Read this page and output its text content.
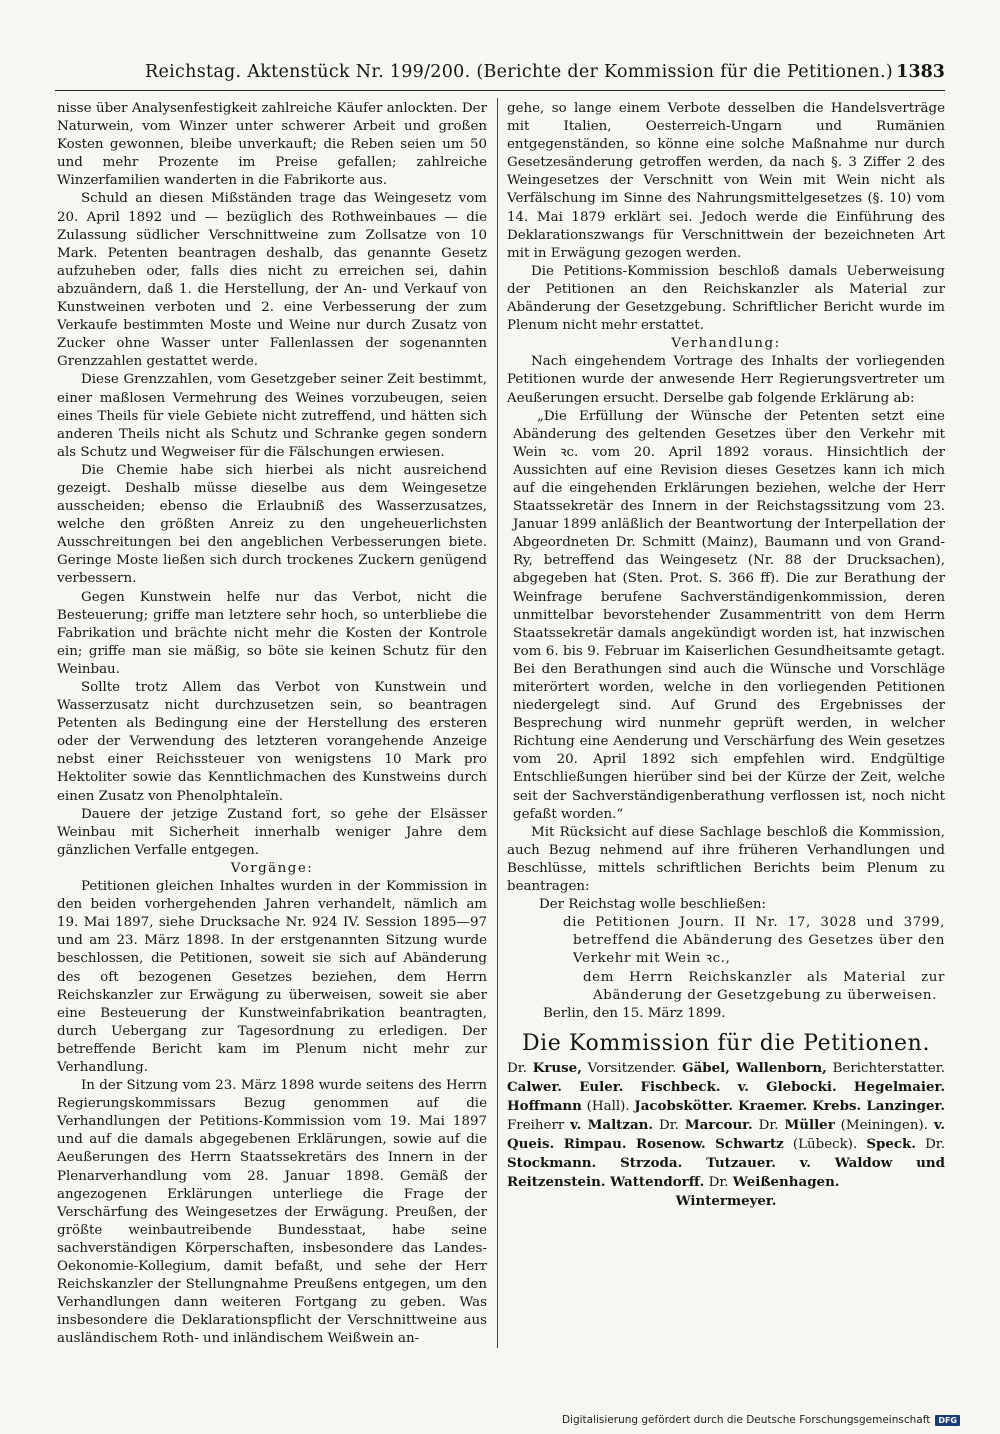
Reichstag. Aktenstück Nr. 199/200. (Berichte der Kommission für die Petitionen.) 1383

nisse über Analysenfestigkeit zahlreiche Käufer anlockten. Der Naturwein, vom Winzer unter schwerer Arbeit und großen Kosten gewonnen, bleibe unverkauft; die Reben seien um 50 und mehr Prozente im Preise gefallen; zahlreiche Winzerfamilien wanderten in die Fabrikorte aus.

Schuld an diesen Mißständen trage das Weingesetz vom 20. April 1892 und — bezüglich des Rothweinbaues — die Zulassung südlicher Verschnittweine zum Zollsatze von 10 Mark. Petenten beantragen deshalb, das genannte Gesetz aufzuheben oder, falls dies nicht zu erreichen sei, dahin abzuändern, daß 1. die Herstellung, der An- und Verkauf von Kunstweinen verboten und 2. eine Verbesserung der zum Verkaufe bestimmten Moste und Weine nur durch Zusatz von Zucker ohne Wasser unter Fallenlassen der sogenannten Grenzzahlen gestattet werde.

Diese Grenzzahlen, vom Gesetzgeber seiner Zeit bestimmt, einer maßlosen Vermehrung des Weines vorzubeugen, seien eines Theils für viele Gebiete nicht zutreffend, und hätten sich anderen Theils nicht als Schutz und Schranke gegen sondern als Schutz und Wegweiser für die Fälschungen erwiesen.

Die Chemie habe sich hierbei als nicht ausreichend gezeigt. Deshalb müsse dieselbe aus dem Weingesetze ausscheiden; ebenso die Erlaubniß des Wasserzusatzes, welche den größten Anreiz zu den ungeheuerlichsten Ausschreitungen bei den angeblichen Verbesserungen biete. Geringe Moste ließen sich durch trockenes Zuckern genügend verbessern.

Gegen Kunstwein helfe nur das Verbot, nicht die Besteuerung; griffe man letztere sehr hoch, so unterbliebe die Fabrikation und brächte nicht mehr die Kosten der Kontrole ein; griffe man sie mäßig, so böte sie keinen Schutz für den Weinbau.

Sollte trotz Allem das Verbot von Kunstwein und Wasserzusatz nicht durchzusetzen sein, so beantragen Petenten als Bedingung eine der Herstellung des ersteren oder der Verwendung des letzteren vorangehende Anzeige nebst einer Reichssteuer von wenigstens 10 Mark pro Hektoliter sowie das Kenntlichmachen des Kunstweins durch einen Zusatz von Phenolphtaleïn.

Dauere der jetzige Zustand fort, so gehe der Elsässer Weinbau mit Sicherheit innerhalb weniger Jahre dem gänzlichen Verfalle entgegen.

Vorgänge:

Petitionen gleichen Inhaltes wurden in der Kommission in den beiden vorhergehenden Jahren verhandelt, nämlich am 19. Mai 1897, siehe Drucksache Nr. 924 IV. Session 1895—97 und am 23. März 1898. In der erstgenannten Sitzung wurde beschlossen, die Petitionen, soweit sie sich auf Abänderung des oft bezogenen Gesetzes beziehen, dem Herrn Reichskanzler zur Erwägung zu überweisen, soweit sie aber eine Besteuerung der Kunstweinfabrikation beantragten, durch Uebergang zur Tagesordnung zu erledigen. Der betreffende Bericht kam im Plenum nicht mehr zur Verhandlung.

In der Sitzung vom 23. März 1898 wurde seitens des Herrn Regierungskommissars Bezug genommen auf die Verhandlungen der Petitions-Kommission vom 19. Mai 1897 und auf die damals abgegebenen Erklärungen, sowie auf die Aeußerungen des Herrn Staatssekretärs des Innern in der Plenarverhandlung vom 28. Januar 1898. Gemäß der angezogenen Erklärungen unterliege die Frage der Verschärfung des Weingesetzes der Erwägung. Preußen, der größte weinbautreibende Bundesstaat, habe seine sachverständigen Körperschaften, insbesondere das Landes-Oekonomie-Kollegium, damit befaßt, und sehe der Herr Reichskanzler der Stellungnahme Preußens entgegen, um den Verhandlungen dann weiteren Fortgang zu geben. Was insbesondere die Deklarationspflicht der Verschnittweine aus ausländischem Roth- und inländischem Weißwein an-

gehe, so lange einem Verbote desselben die Handelsverträge mit Italien, Oesterreich-Ungarn und Rumänien entgegenständen, so könne eine solche Maßnahme nur durch Gesetzesänderung getroffen werden, da nach §. 3 Ziffer 2 des Weingesetzes der Verschnitt von Wein mit Wein nicht als Verfälschung im Sinne des Nahrungsmittelgesetzes (§. 10) vom 14. Mai 1879 erklärt sei. Jedoch werde die Einführung des Deklarationszwangs für Verschnittwein der bezeichneten Art mit in Erwägung gezogen werden.

Die Petitions-Kommission beschloß damals Ueberweisung der Petitionen an den Reichskanzler als Material zur Abänderung der Gesetzgebung. Schriftlicher Bericht wurde im Plenum nicht mehr erstattet.

Verhandlung:

Nach eingehendem Vortrage des Inhalts der vorliegenden Petitionen wurde der anwesende Herr Regierungsvertreter um Aeußerungen ersucht. Derselbe gab folgende Erklärung ab:

„Die Erfüllung der Wünsche der Petenten setzt eine Abänderung des geltenden Gesetzes über den Verkehr mit Wein ꝛc. vom 20. April 1892 voraus. Hinsichtlich der Aussichten auf eine Revision dieses Gesetzes kann ich mich auf die eingehenden Erklärungen beziehen, welche der Herr Staatssekretär des Innern in der Reichstagssitzung vom 23. Januar 1899 anläßlich der Beantwortung der Interpellation der Abgeordneten Dr. Schmitt (Mainz), Baumann und von Grand-Ry, betreffend das Weingesetz (Nr. 88 der Drucksachen), abgegeben hat (Sten. Prot. S. 366 ff). Die zur Berathung der Weinfrage berufene Sachverständigenkommission, deren unmittelbar bevorstehender Zusammentritt von dem Herrn Staatssekretär damals angekündigt worden ist, hat inzwischen vom 6. bis 9. Februar im Kaiserlichen Gesundheitsamte getagt. Bei den Berathungen sind auch die Wünsche und Vorschläge miterörtert worden, welche in den vorliegenden Petitionen niedergelegt sind. Auf Grund des Ergebnisses der Besprechung wird nunmehr geprüft werden, in welcher Richtung eine Aenderung und Verschärfung des Wein gesetzes vom 20. April 1892 sich empfehlen wird. Endgültige Entschließungen hierüber sind bei der Kürze der Zeit, welche seit der Sachverständigenberathung verflossen ist, noch nicht gefaßt worden.“

Mit Rücksicht auf diese Sachlage beschloß die Kommission, auch Bezug nehmend auf ihre früheren Verhandlungen und Beschlüsse, mittels schriftlichen Berichts beim Plenum zu beantragen:

Der Reichstag wolle beschließen:

die Petitionen Journ. II Nr. 17, 3028 und 3799, betreffend die Abänderung des Gesetzes über den Verkehr mit Wein ꝛc.,

dem Herrn Reichskanzler als Material zur Abänderung der Gesetzgebung zu überweisen.

Berlin, den 15. März 1899.

Die Kommission für die Petitionen.

Dr. Kruse, Vorsitzender. Gäbel, Wallenborn, Berichterstatter. Calwer. Euler. Fischbeck. v. Glebocki. Hegelmaier. Hoffmann (Hall). Jacobskötter. Kraemer. Krebs. Lanzinger. Freiherr v. Maltzan. Dr. Marcour. Dr. Müller (Meiningen). v. Queis. Rimpau. Rosenow. Schwartz (Lübeck). Speck. Dr. Stockmann. Strzoda. Tutzauer. v. Waldow und Reitzenstein. Wattendorff. Dr. Weißenhagen.

Wintermeyer.

Digitalisierung gefördert durch die Deutsche Forschungsgemeinschaft	DFG
